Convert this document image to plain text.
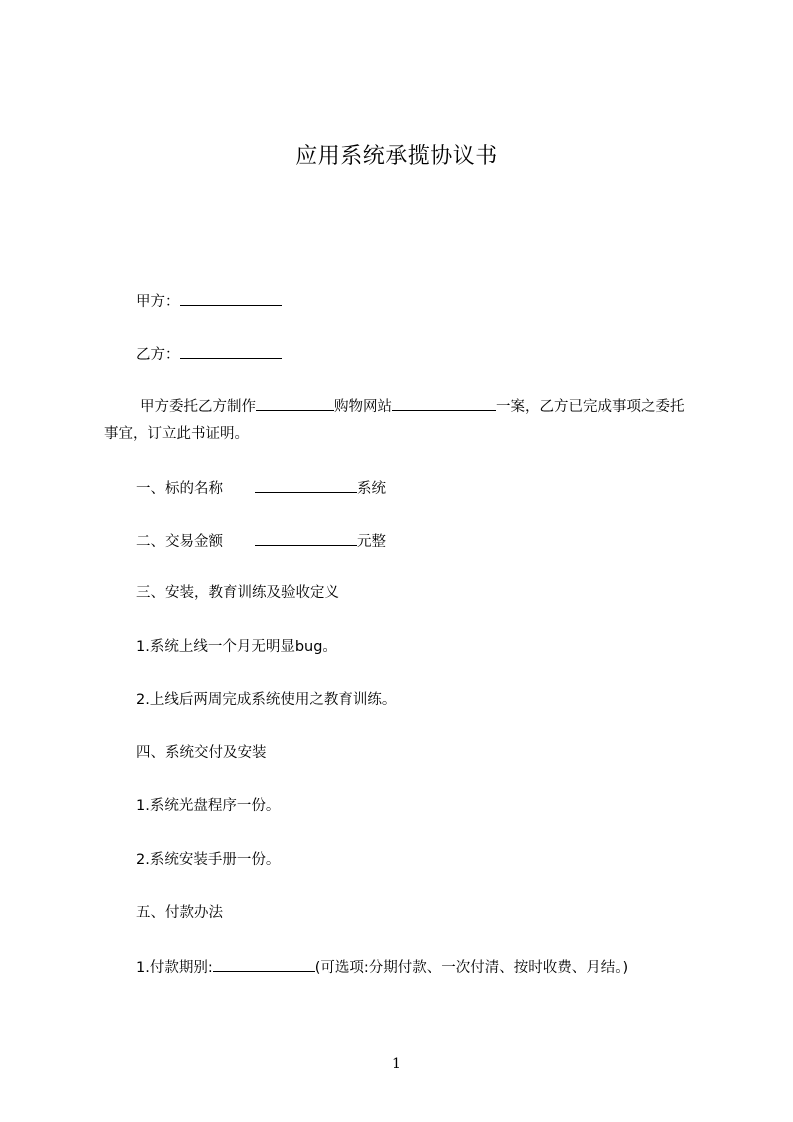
应用系统承揽协议书
甲方：
乙方：
甲方委托乙方制作	购物网站	一案，乙方已完成事项之委托事宜，订立此书证明。
一、标的名称	系统
二、交易金额	元整
三、安装，教育训练及验收定义
1.系统上线一个月无明显bug。
2.上线后两周完成系统使用之教育训练。
四、系统交付及安装
1.系统光盘程序一份。
2.系统安装手册一份。
五、付款办法
1.付款期别:	(可选项:分期付款、一次付清、按时收费、月结。)
1
